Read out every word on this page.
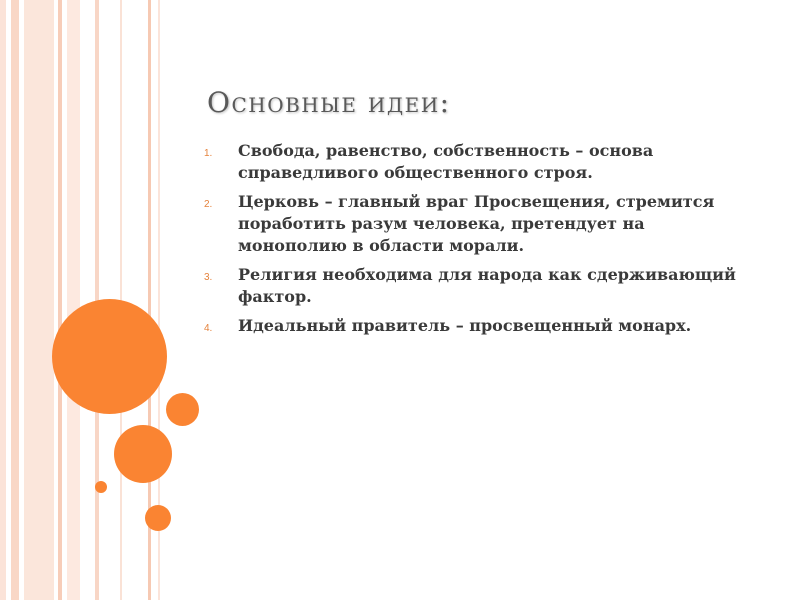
Основные идеи:
1. Свобода, равенство, собственность – основа справедливого общественного строя.
2. Церковь – главный враг Просвещения, стремится поработить разум человека, претендует на монополию в области морали.
3. Религия необходима для народа как сдерживающий фактор.
4. Идеальный правитель – просвещенный монарх.
